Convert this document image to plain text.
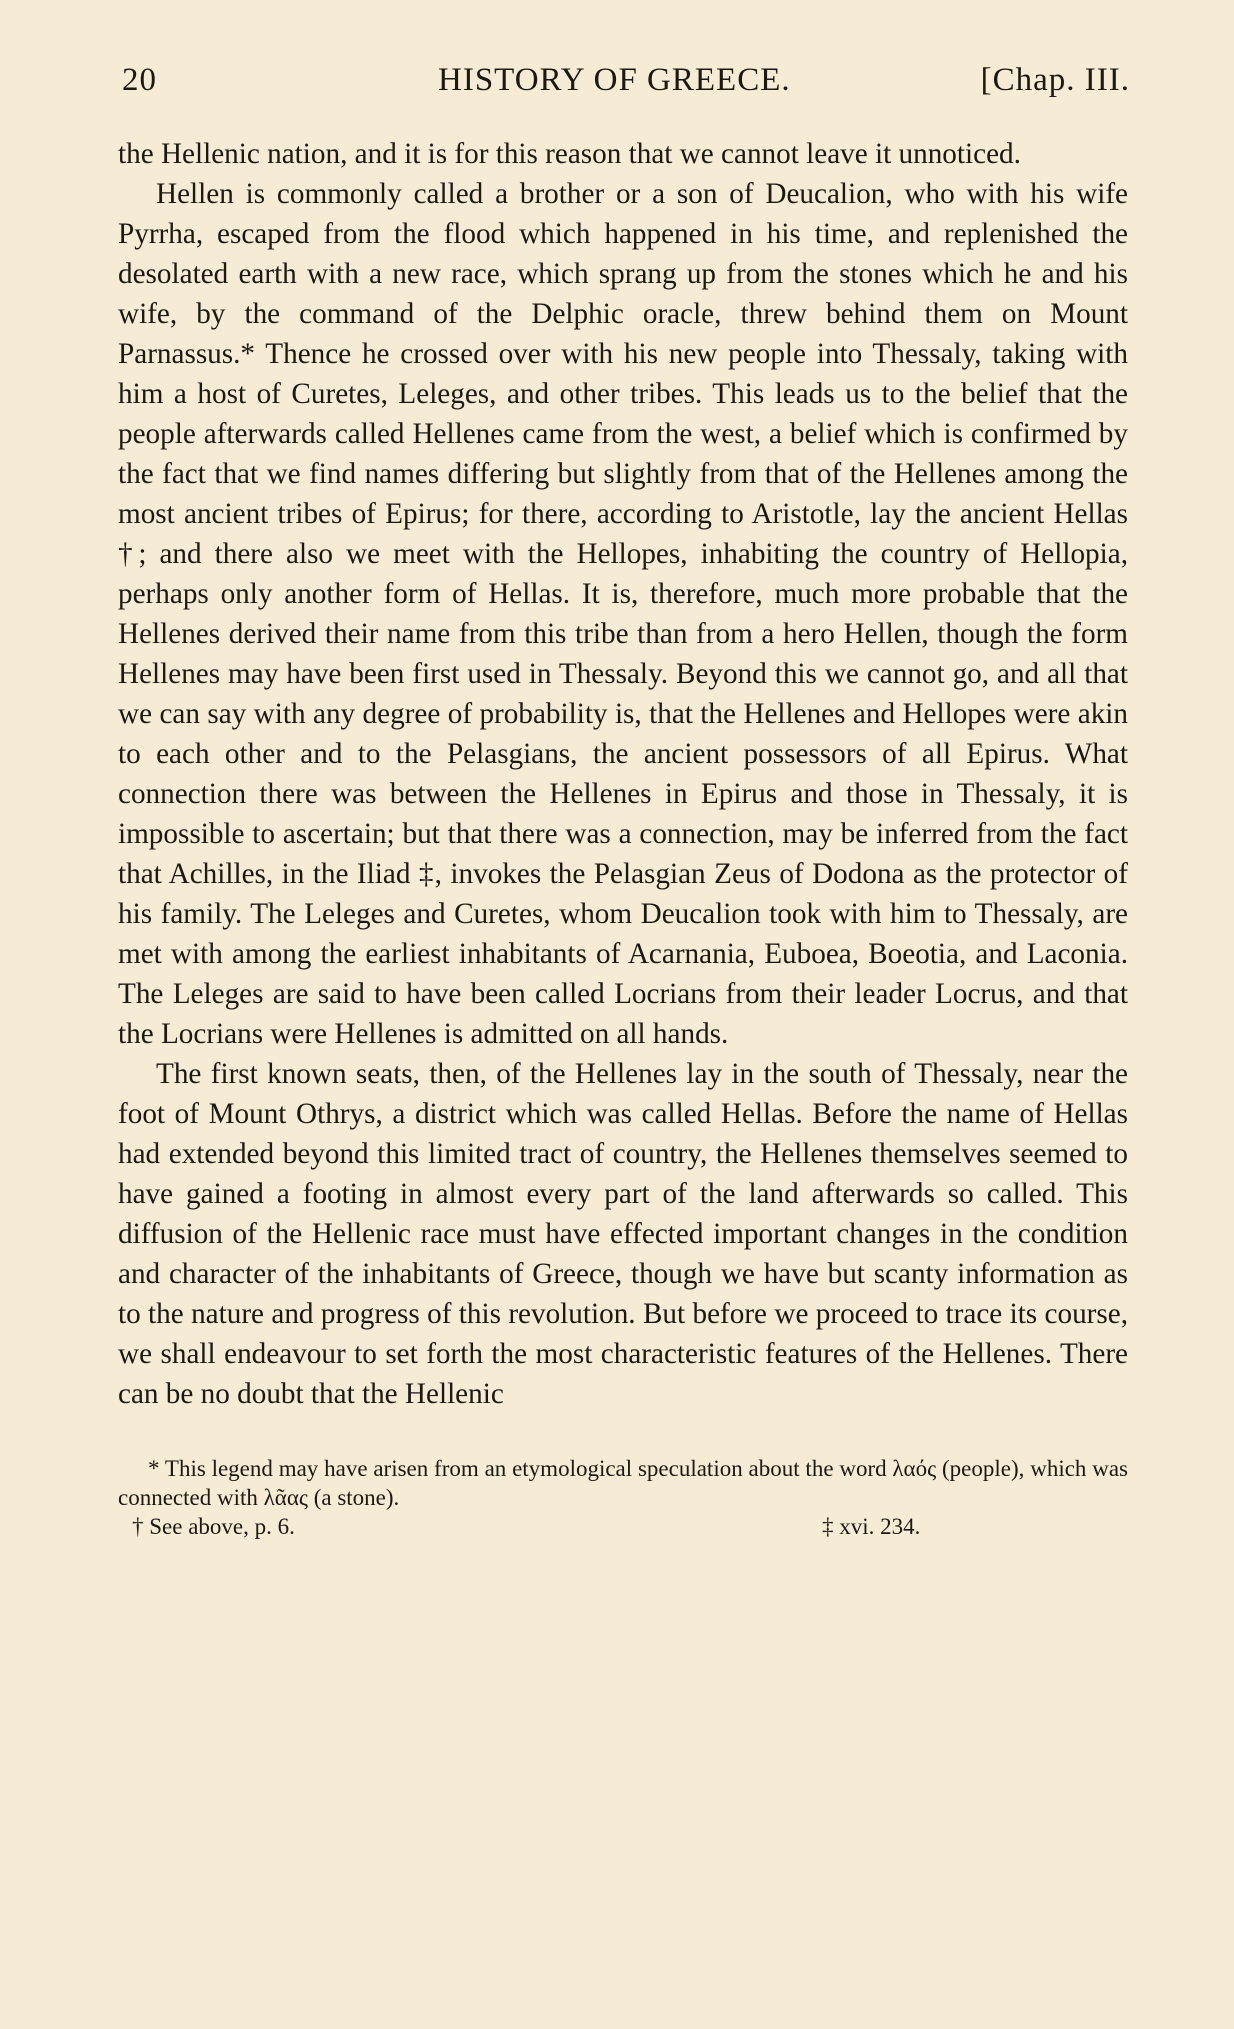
20	HISTORY OF GREECE.	[Chap. III.

the Hellenic nation, and it is for this reason that we cannot leave it unnoticed.

Hellen is commonly called a brother or a son of Deucalion, who with his wife Pyrrha, escaped from the flood which happened in his time, and replenished the desolated earth with a new race, which sprang up from the stones which he and his wife, by the command of the Delphic oracle, threw behind them on Mount Parnassus.* Thence he crossed over with his new people into Thessaly, taking with him a host of Curetes, Leleges, and other tribes. This leads us to the belief that the people afterwards called Hellenes came from the west, a belief which is confirmed by the fact that we find names differing but slightly from that of the Hellenes among the most ancient tribes of Epirus; for there, according to Aristotle, lay the ancient Hellas †; and there also we meet with the Hellopes, inhabiting the country of Hellopia, perhaps only another form of Hellas. It is, therefore, much more probable that the Hellenes derived their name from this tribe than from a hero Hellen, though the form Hellenes may have been first used in Thessaly. Beyond this we cannot go, and all that we can say with any degree of probability is, that the Hellenes and Hellopes were akin to each other and to the Pelasgians, the ancient possessors of all Epirus. What connection there was between the Hellenes in Epirus and those in Thessaly, it is impossible to ascertain; but that there was a connection, may be inferred from the fact that Achilles, in the Iliad ‡, invokes the Pelasgian Zeus of Dodona as the protector of his family. The Leleges and Curetes, whom Deucalion took with him to Thessaly, are met with among the earliest inhabitants of Acarnania, Euboea, Boeotia, and Laconia. The Leleges are said to have been called Locrians from their leader Locrus, and that the Locrians were Hellenes is admitted on all hands.

The first known seats, then, of the Hellenes lay in the south of Thessaly, near the foot of Mount Othrys, a district which was called Hellas. Before the name of Hellas had extended beyond this limited tract of country, the Hellenes themselves seemed to have gained a footing in almost every part of the land afterwards so called. This diffusion of the Hellenic race must have effected important changes in the condition and character of the inhabitants of Greece, though we have but scanty information as to the nature and progress of this revolution. But before we proceed to trace its course, we shall endeavour to set forth the most characteristic features of the Hellenes. There can be no doubt that the Hellenic

* This legend may have arisen from an etymological speculation about the word λαός (people), which was connected with λᾶας (a stone).

† See above, p. 6.	‡ xvi. 234.
